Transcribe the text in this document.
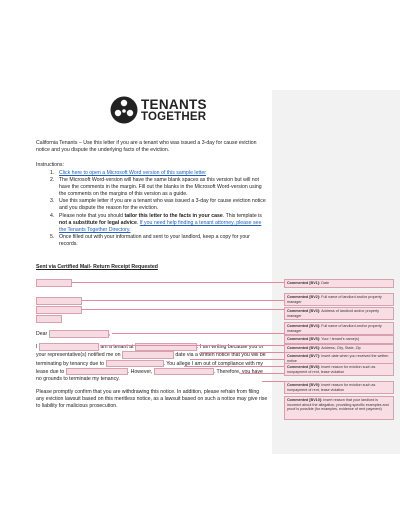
TENANTS
TOGETHER
California Tenants – Use this letter if you are a tenant who was issued a 3-day for cause eviction notice and you dispute the underlying facts of the eviction.
Instructions:
1. Click here to open a Microsoft Word version of this sample letter
2. The Microsoft Word-version will have the same blank spaces as this version but will not have the comments in the margin. Fill out the blanks in the Microsoft Word-version using the comments on the margins of this version as a guide.
3. Use this sample letter if you are a tenant who was issued a 3-day for cause eviction notice and you dispute the reason for the eviction.
4. Please note that you should tailor this letter to the facts in your case. This template is not a substitute for legal advice. If you need help finding a tenant attorney, please see the Tenants Together Directory.
5. Once filled out with your information and sent to your landlord, keep a copy for your records.
Sent via Certified Mail- Return Receipt Requested
Dear	,
I	am a tenant at	. I am writing because you or your representative(s) notified me on	date via a written notice that you will be terminating by tenancy due to	. You allege I am out of compliance with my lease due to	. However,	. Therefore, you have no grounds to terminate my tenancy.
Please promptly confirm that you are withdrawing this notice. In addition, please refrain from filing any eviction lawsuit based on this meritless notice, as a lawsuit based on such a notice may give rise to liability for malicious prosecution.
Commented [BV1]: Date
Commented [BV2]: Full name of landlord and/or property manager
Commented [BV3]: Address of landlord and/or property manager
Commented [BV4]: Full name of landlord and/or property manager
Commented [BV5]: Your / tenant's name(s)
Commented [BV6]: Address, City, State, Zip
Commented [BV7]: Insert date when you received the written notice
Commented [BV8]: Insert reason for eviction such as nonpayment of rent, lease violation
Commented [BV9]: Insert reason for eviction such as nonpayment of rent, lease violation
Commented [BV10]: Insert reason that your landlord is incorrect about the allegation, providing specific examples and proof is possible (for examples, evidence of rent payment)
